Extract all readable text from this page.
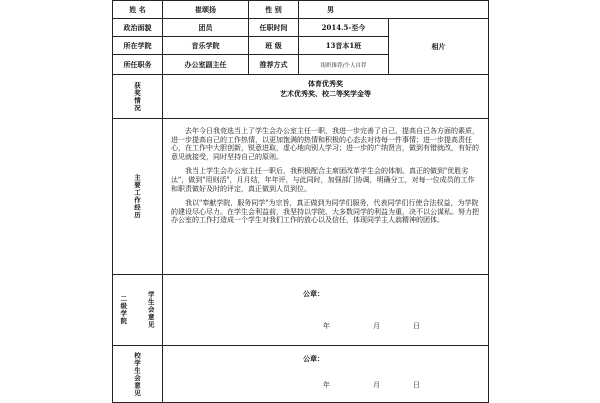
姓 名	崔颂扬	性 别	男	
政治面貌	团员	任职时间	2014.5-至今	相片
所在学院	音乐学院	班 级	13音本1班	
所任职务	办公室副主任	推荐方式	组织推荐/个人自荐	

获奖情况	体育优秀奖
艺术优秀奖、校二等奖学金等			

主要工作经历	去年今日我竞选当上了学生会办公室主任一职，我进一步完善了自己，提高自己各方面的素质，进一步提高自己的工作热情，以更加饱满的热情和积极的心态去对待每一件事情；进一步提高责任心，在工作中大胆创新，锐意进取，虚心地向别人学习；进一步的广纳贤言，做到有错就改，有好的意见就接受，同时坚持自己的原则。

我当上学生会办公室主任一职后，我积极配合主席团改革学生会的体制。真正的做到"优胜劣汰"，做到"用则活"，月月结，年年评，与此同时，加强部门协调，明确分工，对每一位成员的工作和职责做好及时的评定，真正做到人员到位。

我以"奉献学院，服务同学"为宗旨，真正做到为同学们服务，代表同学们行使合法权益，为学院的建设尽心尽力。在学生会利益前，我坚持以学院、大多数同学的利益为重，决不以公谋私。努力把办公室的工作打造成一个学生对我们工作的放心以及信任，体现同学主人翁精神的团体。			

二级学院 学生会意见	公章：
年 月 日			

校学生会意见	公章：
年 月 日			
